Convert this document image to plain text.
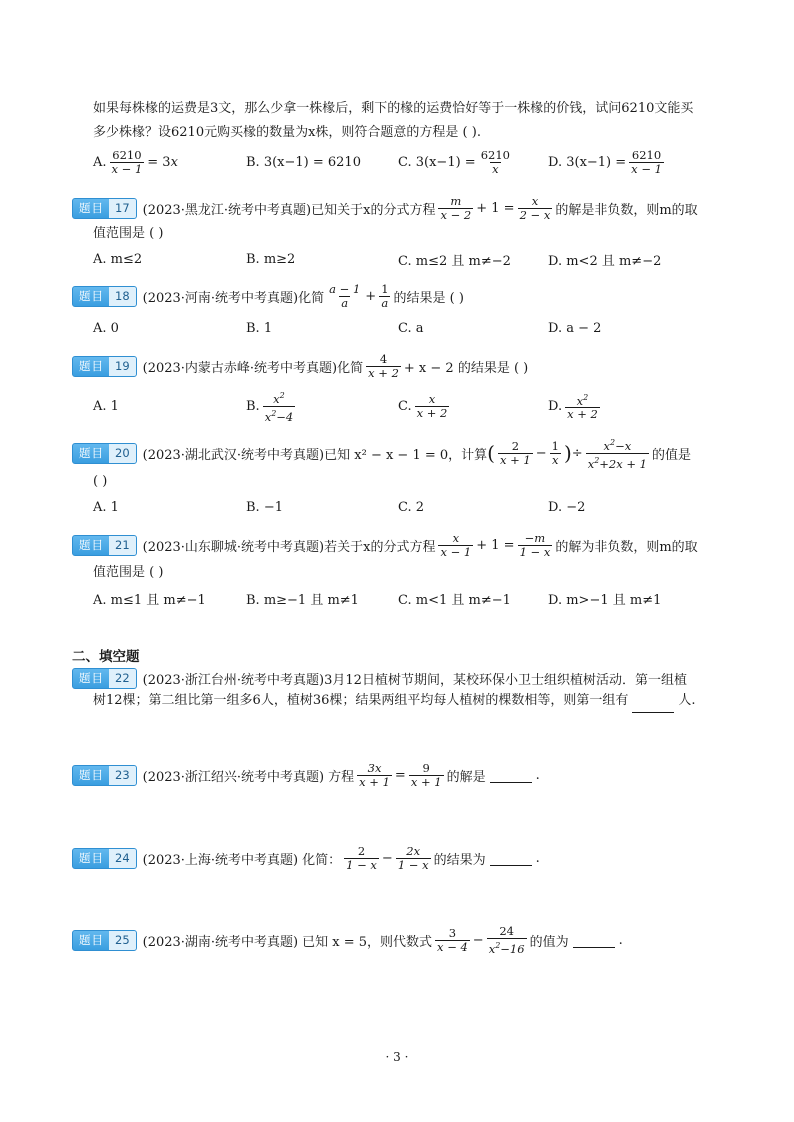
如果每株椽的运费是3文，那么少拿一株椽后，剩下的椽的运费恰好等于一株椽的价钱，试问6210文能买
多少株椽？设6210元购买椽的数量为x株，则符合题意的方程是 ( ).
A. $\frac{6210}{x - 1} = 3x$	B. 3(x−1) = 6210	C. $3(x-1) = \frac{6210}{x}$	D. $3(x-1) = \frac{6210}{x - 1}$
题目 17	(2023·黑龙江·统考中考真题) 已知关于x的分式方程 $\frac{m}{x - 2} + 1 = \frac{x}{2 - x}$ 的解是非负数，则m的取
值范围是 ( )
A. m≤2	B. m≥2	C. m≤2 且 m≠−2	D. m<2 且 m≠−2
题目 18	(2023·河南·统考中考真题) 化简 $\frac{a - 1}{a} + \frac{1}{a}$ 的结果是 ( )
A. 0	B. 1	C. a	D. a − 2
题目 19	(2023·内蒙古赤峰·统考中考真题) 化简 $\frac{4}{x + 2} + x - 2$ 的结果是 ( )
A. 1	B. $\frac{x^2}{x^2-4}$	C. $\frac{x}{x + 2}$	D. $\frac{x^2}{x + 2}$
题目 20	(2023·湖北武汉·统考中考真题) 已知 x² − x − 1 = 0，计算 ( $\frac{2}{x + 1} - \frac{1}{x}$ ) ÷ $\frac{x^2-x}{x^2+2x + 1}$ 的值是
( )
A. 1	B. −1	C. 2	D. −2
题目 21	(2023·山东聊城·统考中考真题) 若关于x的分式方程 $\frac{x}{x - 1} + 1 = \frac{-m}{1 - x}$ 的解为非负数，则m的取
值范围是 ( )
A. m≤1 且 m≠−1	B. m≥−1 且 m≠1	C. m<1 且 m≠−1	D. m>−1 且 m≠1
二、填空题
题目 22	(2023·浙江台州·统考中考真题) 3月12日植树节期间，某校环保小卫士组织植树活动．第一组植
树12棵；第二组比第一组多6人，植树36棵；结果两组平均每人植树的棵数相等，则第一组有	人.
题目 23	(2023·浙江绍兴·统考中考真题) 方程 $\frac{3x}{x + 1} = \frac{9}{x + 1}$ 的解是	.
题目 24	(2023·上海·统考中考真题) 化简： $\frac{2}{1 - x} - \frac{2x}{1 - x}$ 的结果为	.
题目 25	(2023·湖南·统考中考真题) 已知 x = 5，则代数式 $\frac{3}{x - 4} - \frac{24}{x^2-16}$ 的值为	.
· 3 ·
